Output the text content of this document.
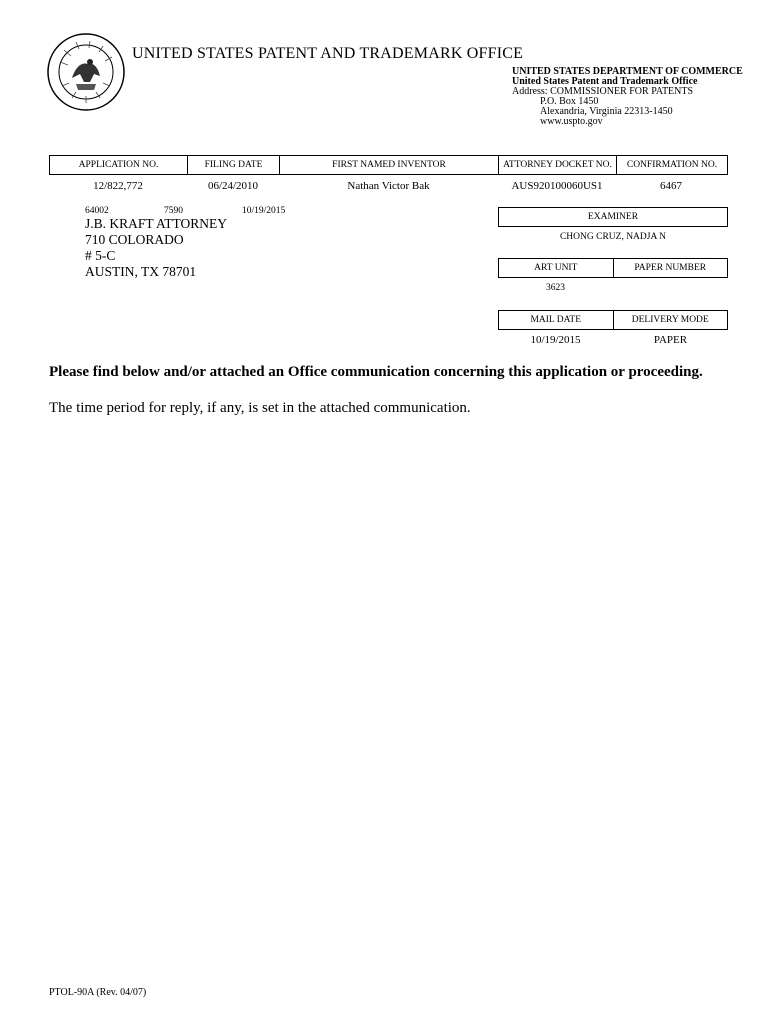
UNITED STATES PATENT AND TRADEMARK OFFICE
UNITED STATES DEPARTMENT OF COMMERCE
United States Patent and Trademark Office
Address: COMMISSIONER FOR PATENTS
P.O. Box 1450
Alexandria, Virginia 22313-1450
www.uspto.gov
APPLICATION NO.	FILING DATE	FIRST NAMED INVENTOR	ATTORNEY DOCKET NO.	CONFIRMATION NO.
12/822,772	06/24/2010	Nathan Victor Bak	AUS920100060US1	6467
64002	7590	10/19/2015
J.B. KRAFT ATTORNEY
710 COLORADO
# 5-C
AUSTIN, TX 78701
EXAMINER
CHONG CRUZ, NADJA N
ART UNIT	PAPER NUMBER
3623
MAIL DATE	DELIVERY MODE
10/19/2015	PAPER
Please find below and/or attached an Office communication concerning this application or proceeding.
The time period for reply, if any, is set in the attached communication.
PTOL-90A (Rev. 04/07)
